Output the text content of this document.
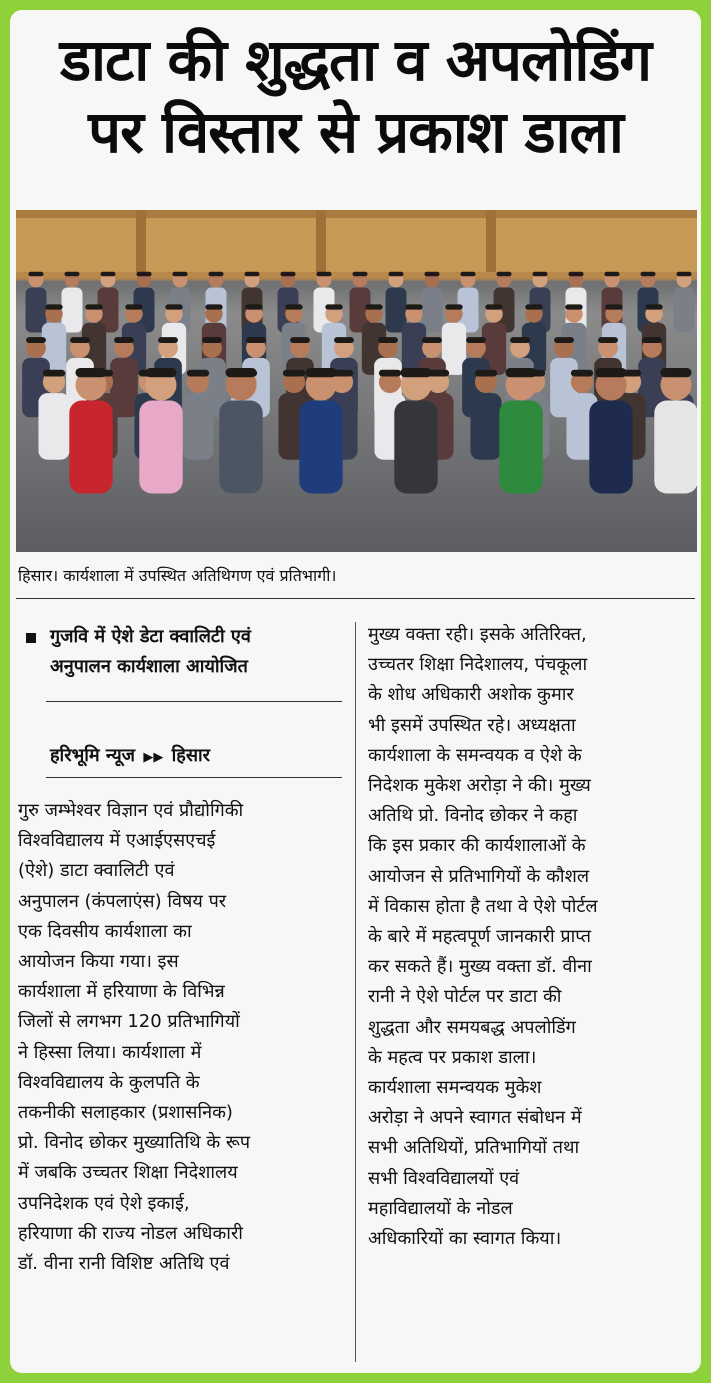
डाटा की शुद्धता व अपलोडिंग
पर विस्तार से प्रकाश डाला
हिसार। कार्यशाला में उपस्थित अतिथिगण एवं प्रतिभागी।
गुजवि में ऐशे डेटा क्वालिटी एवं
अनुपालन कार्यशाला आयोजित
हरिभूमि न्यूज ▶▶ हिसार

गुरु जम्भेश्वर विज्ञान एवं प्रौद्योगिकी

विश्वविद्यालय में एआईएसएचई

(ऐशे) डाटा क्वालिटी एवं

अनुपालन (कंपलाएंस) विषय पर

एक दिवसीय कार्यशाला का

आयोजन किया गया। इस

कार्यशाला में हरियाणा के विभिन्न

जिलों से लगभग 120 प्रतिभागियों

ने हिस्सा लिया। कार्यशाला में

विश्वविद्यालय के कुलपति के

तकनीकी सलाहकार (प्रशासनिक)

प्रो. विनोद छोकर मुख्यातिथि के रूप

में जबकि उच्चतर शिक्षा निदेशालय

उपनिदेशक एवं ऐशे इकाई,

हरियाणा की राज्य नोडल अधिकारी

डॉ. वीना रानी विशिष्ट अतिथि एवं

मुख्य वक्ता रही। इसके अतिरिक्त,

उच्चतर शिक्षा निदेशालय, पंचकूला

के शोध अधिकारी अशोक कुमार

भी इसमें उपस्थित रहे। अध्यक्षता

कार्यशाला के समन्वयक व ऐशे के

निदेशक मुकेश अरोड़ा ने की। मुख्य

अतिथि प्रो. विनोद छोकर ने कहा

कि इस प्रकार की कार्यशालाओं के

आयोजन से प्रतिभागियों के कौशल

में विकास होता है तथा वे ऐशे पोर्टल

के बारे में महत्वपूर्ण जानकारी प्राप्त

कर सकते हैं। मुख्य वक्ता डॉ. वीना

रानी ने ऐशे पोर्टल पर डाटा की

शुद्धता और समयबद्ध अपलोडिंग

के महत्व पर प्रकाश डाला।

कार्यशाला समन्वयक मुकेश

अरोड़ा ने अपने स्वागत संबोधन में

सभी अतिथियों, प्रतिभागियों तथा

सभी विश्वविद्यालयों एवं

महाविद्यालयों के नोडल

अधिकारियों का स्वागत किया।
